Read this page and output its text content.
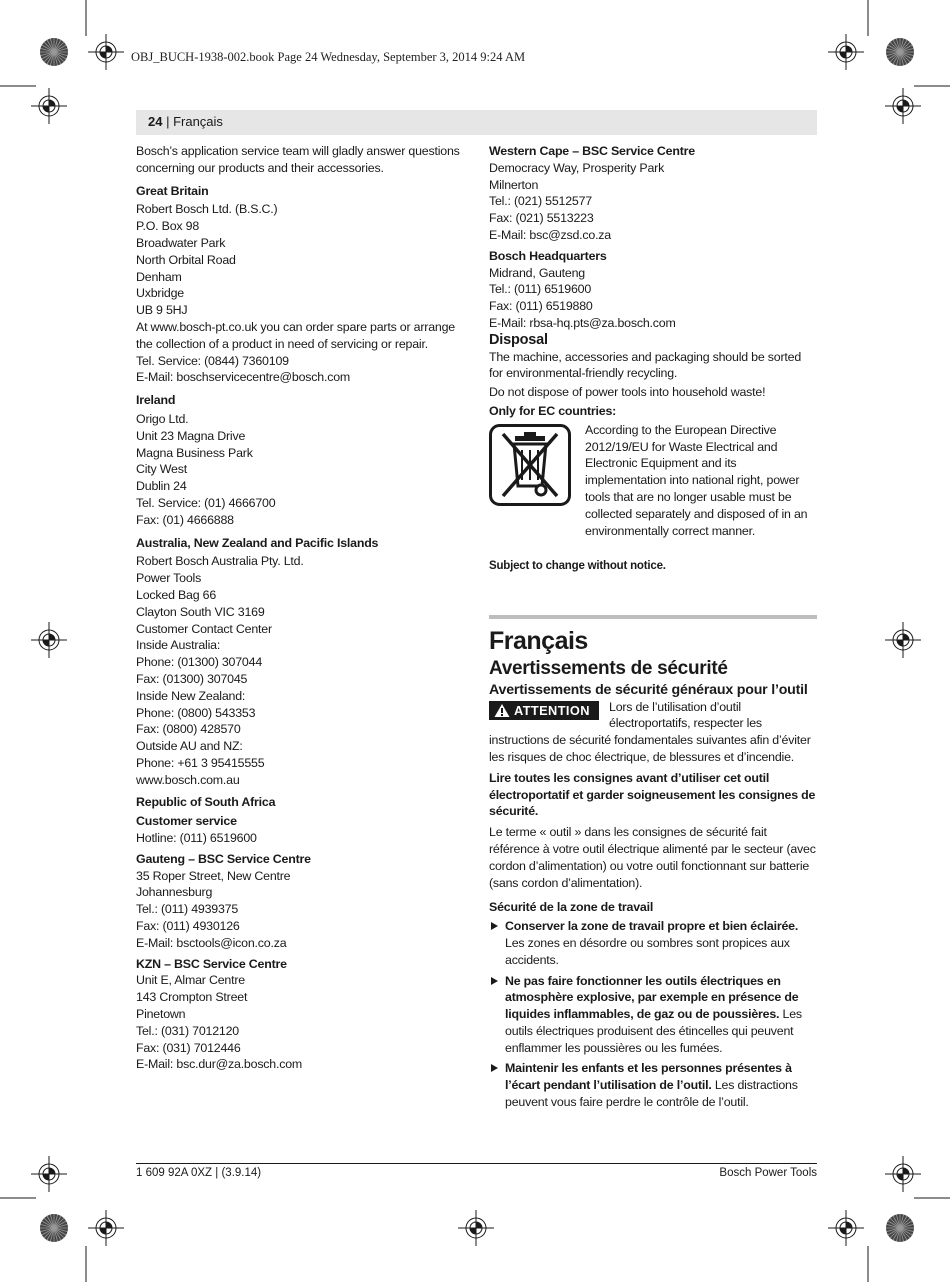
OBJ_BUCH-1938-002.book Page 24 Wednesday, September 3, 2014 9:24 AM
24 | Français

Bosch’s application service team will gladly answer questions concerning our products and their accessories.

Great Britain

Robert Bosch Ltd. (B.S.C.)
P.O. Box 98
Broadwater Park
North Orbital Road
Denham
Uxbridge
UB 9 5HJ

At www.bosch-pt.co.uk you can order spare parts or arrange the collection of a product in need of servicing or repair.

Tel. Service: (0844) 7360109

E-Mail: boschservicecentre@bosch.com

Ireland

Origo Ltd.
Unit 23 Magna Drive
Magna Business Park
City West
Dublin 24
Tel. Service: (01) 4666700
Fax: (01) 4666888

Australia, New Zealand and Pacific Islands

Robert Bosch Australia Pty. Ltd.
Power Tools
Locked Bag 66
Clayton South VIC 3169
Customer Contact Center
Inside Australia:
Phone: (01300) 307044
Fax: (01300) 307045
Inside New Zealand:
Phone: (0800) 543353
Fax: (0800) 428570
Outside AU and NZ:
Phone: +61 3 95415555
www.bosch.com.au

Republic of South Africa

Customer service

Hotline: (011) 6519600

Gauteng – BSC Service Centre

35 Roper Street, New Centre
Johannesburg
Tel.: (011) 4939375
Fax: (011) 4930126
E-Mail: bsctools@icon.co.za

KZN – BSC Service Centre

Unit E, Almar Centre
143 Crompton Street
Pinetown
Tel.: (031) 7012120
Fax: (031) 7012446
E-Mail: bsc.dur@za.bosch.com

Western Cape – BSC Service Centre

Democracy Way, Prosperity Park
Milnerton
Tel.: (021) 5512577
Fax: (021) 5513223
E-Mail: bsc@zsd.co.za

Bosch Headquarters

Midrand, Gauteng
Tel.: (011) 6519600
Fax: (011) 6519880
E-Mail: rbsa-hq.pts@za.bosch.com

Disposal

The machine, accessories and packaging should be sorted for environmental-friendly recycling.

Do not dispose of power tools into household waste!

Only for EC countries:

According to the European Directive 2012/19/EU for Waste Electrical and Electronic Equipment and its implementation into national right, power tools that are no longer usable must be collected separately and disposed of in an environmentally correct manner.

Subject to change without notice.

Français

Avertissements de sécurité

Avertissements de sécurité généraux pour l’outil

ATTENTION	Lors de l’utilisation d’outil électroportatifs, respecter les instructions de sécurité fondamentales suivantes afin d’éviter les risques de choc électrique, de blessures et d’incendie.

Lire toutes les consignes avant d’utiliser cet outil électroportatif et garder soigneusement les consignes de sécurité.

Le terme « outil » dans les consignes de sécurité fait référence à votre outil électrique alimenté par le secteur (avec cordon d’alimentation) ou votre outil fonctionnant sur batterie (sans cordon d’alimentation).

Sécurité de la zone de travail

Conserver la zone de travail propre et bien éclairée. Les zones en désordre ou sombres sont propices aux accidents.
Ne pas faire fonctionner les outils électriques en atmosphère explosive, par exemple en présence de liquides inflammables, de gaz ou de poussières. Les outils électriques produisent des étincelles qui peuvent enflammer les poussières ou les fumées.
Maintenir les enfants et les personnes présentes à l’écart pendant l’utilisation de l’outil. Les distractions peuvent vous faire perdre le contrôle de l’outil.
1 609 92A 0XZ | (3.9.14)	Bosch Power Tools
